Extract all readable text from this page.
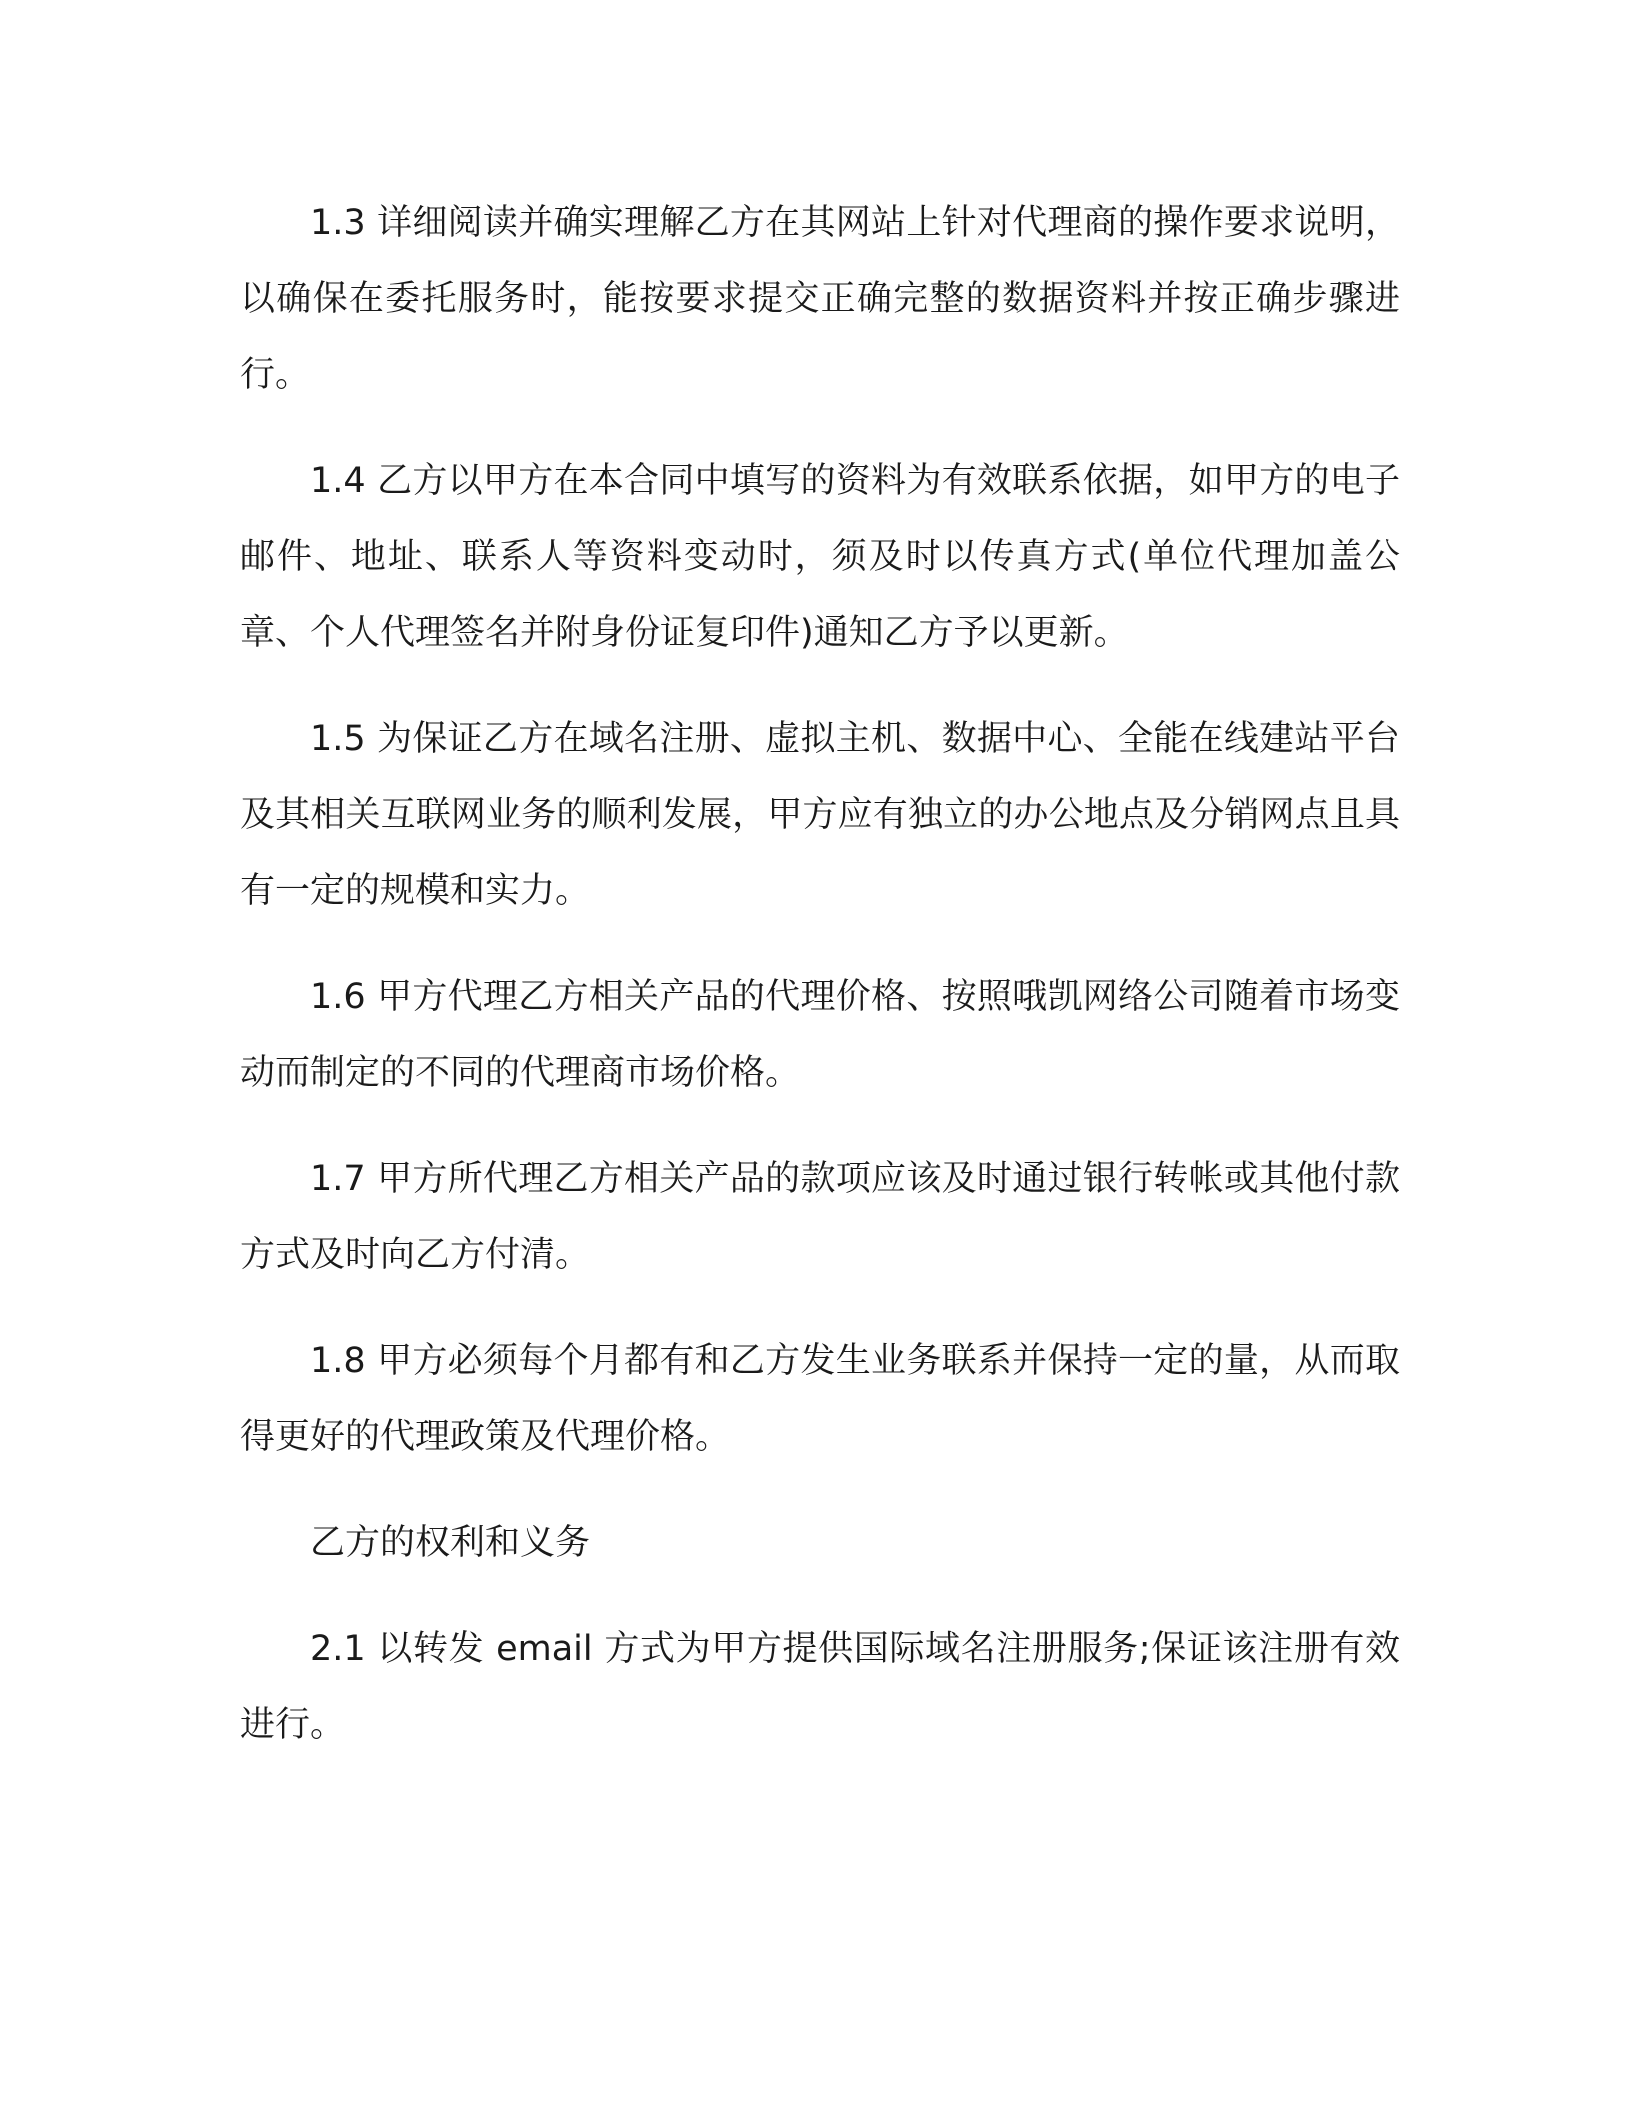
1.3 详细阅读并确实理解乙方在其网站上针对代理商的操作要求说明，以确保在委托服务时，能按要求提交正确完整的数据资料并按正确步骤进行。

1.4 乙方以甲方在本合同中填写的资料为有效联系依据，如甲方的电子邮件、地址、联系人等资料变动时，须及时以传真方式(单位代理加盖公章、个人代理签名并附身份证复印件)通知乙方予以更新。

1.5 为保证乙方在域名注册、虚拟主机、数据中心、全能在线建站平台及其相关互联网业务的顺利发展，甲方应有独立的办公地点及分销网点且具有一定的规模和实力。

1.6 甲方代理乙方相关产品的代理价格、按照哦凯网络公司随着市场变动而制定的不同的代理商市场价格。

1.7 甲方所代理乙方相关产品的款项应该及时通过银行转帐或其他付款方式及时向乙方付清。

1.8 甲方必须每个月都有和乙方发生业务联系并保持一定的量，从而取得更好的代理政策及代理价格。

乙方的权利和义务

2.1 以转发 email 方式为甲方提供国际域名注册服务;保证该注册有效进行。
